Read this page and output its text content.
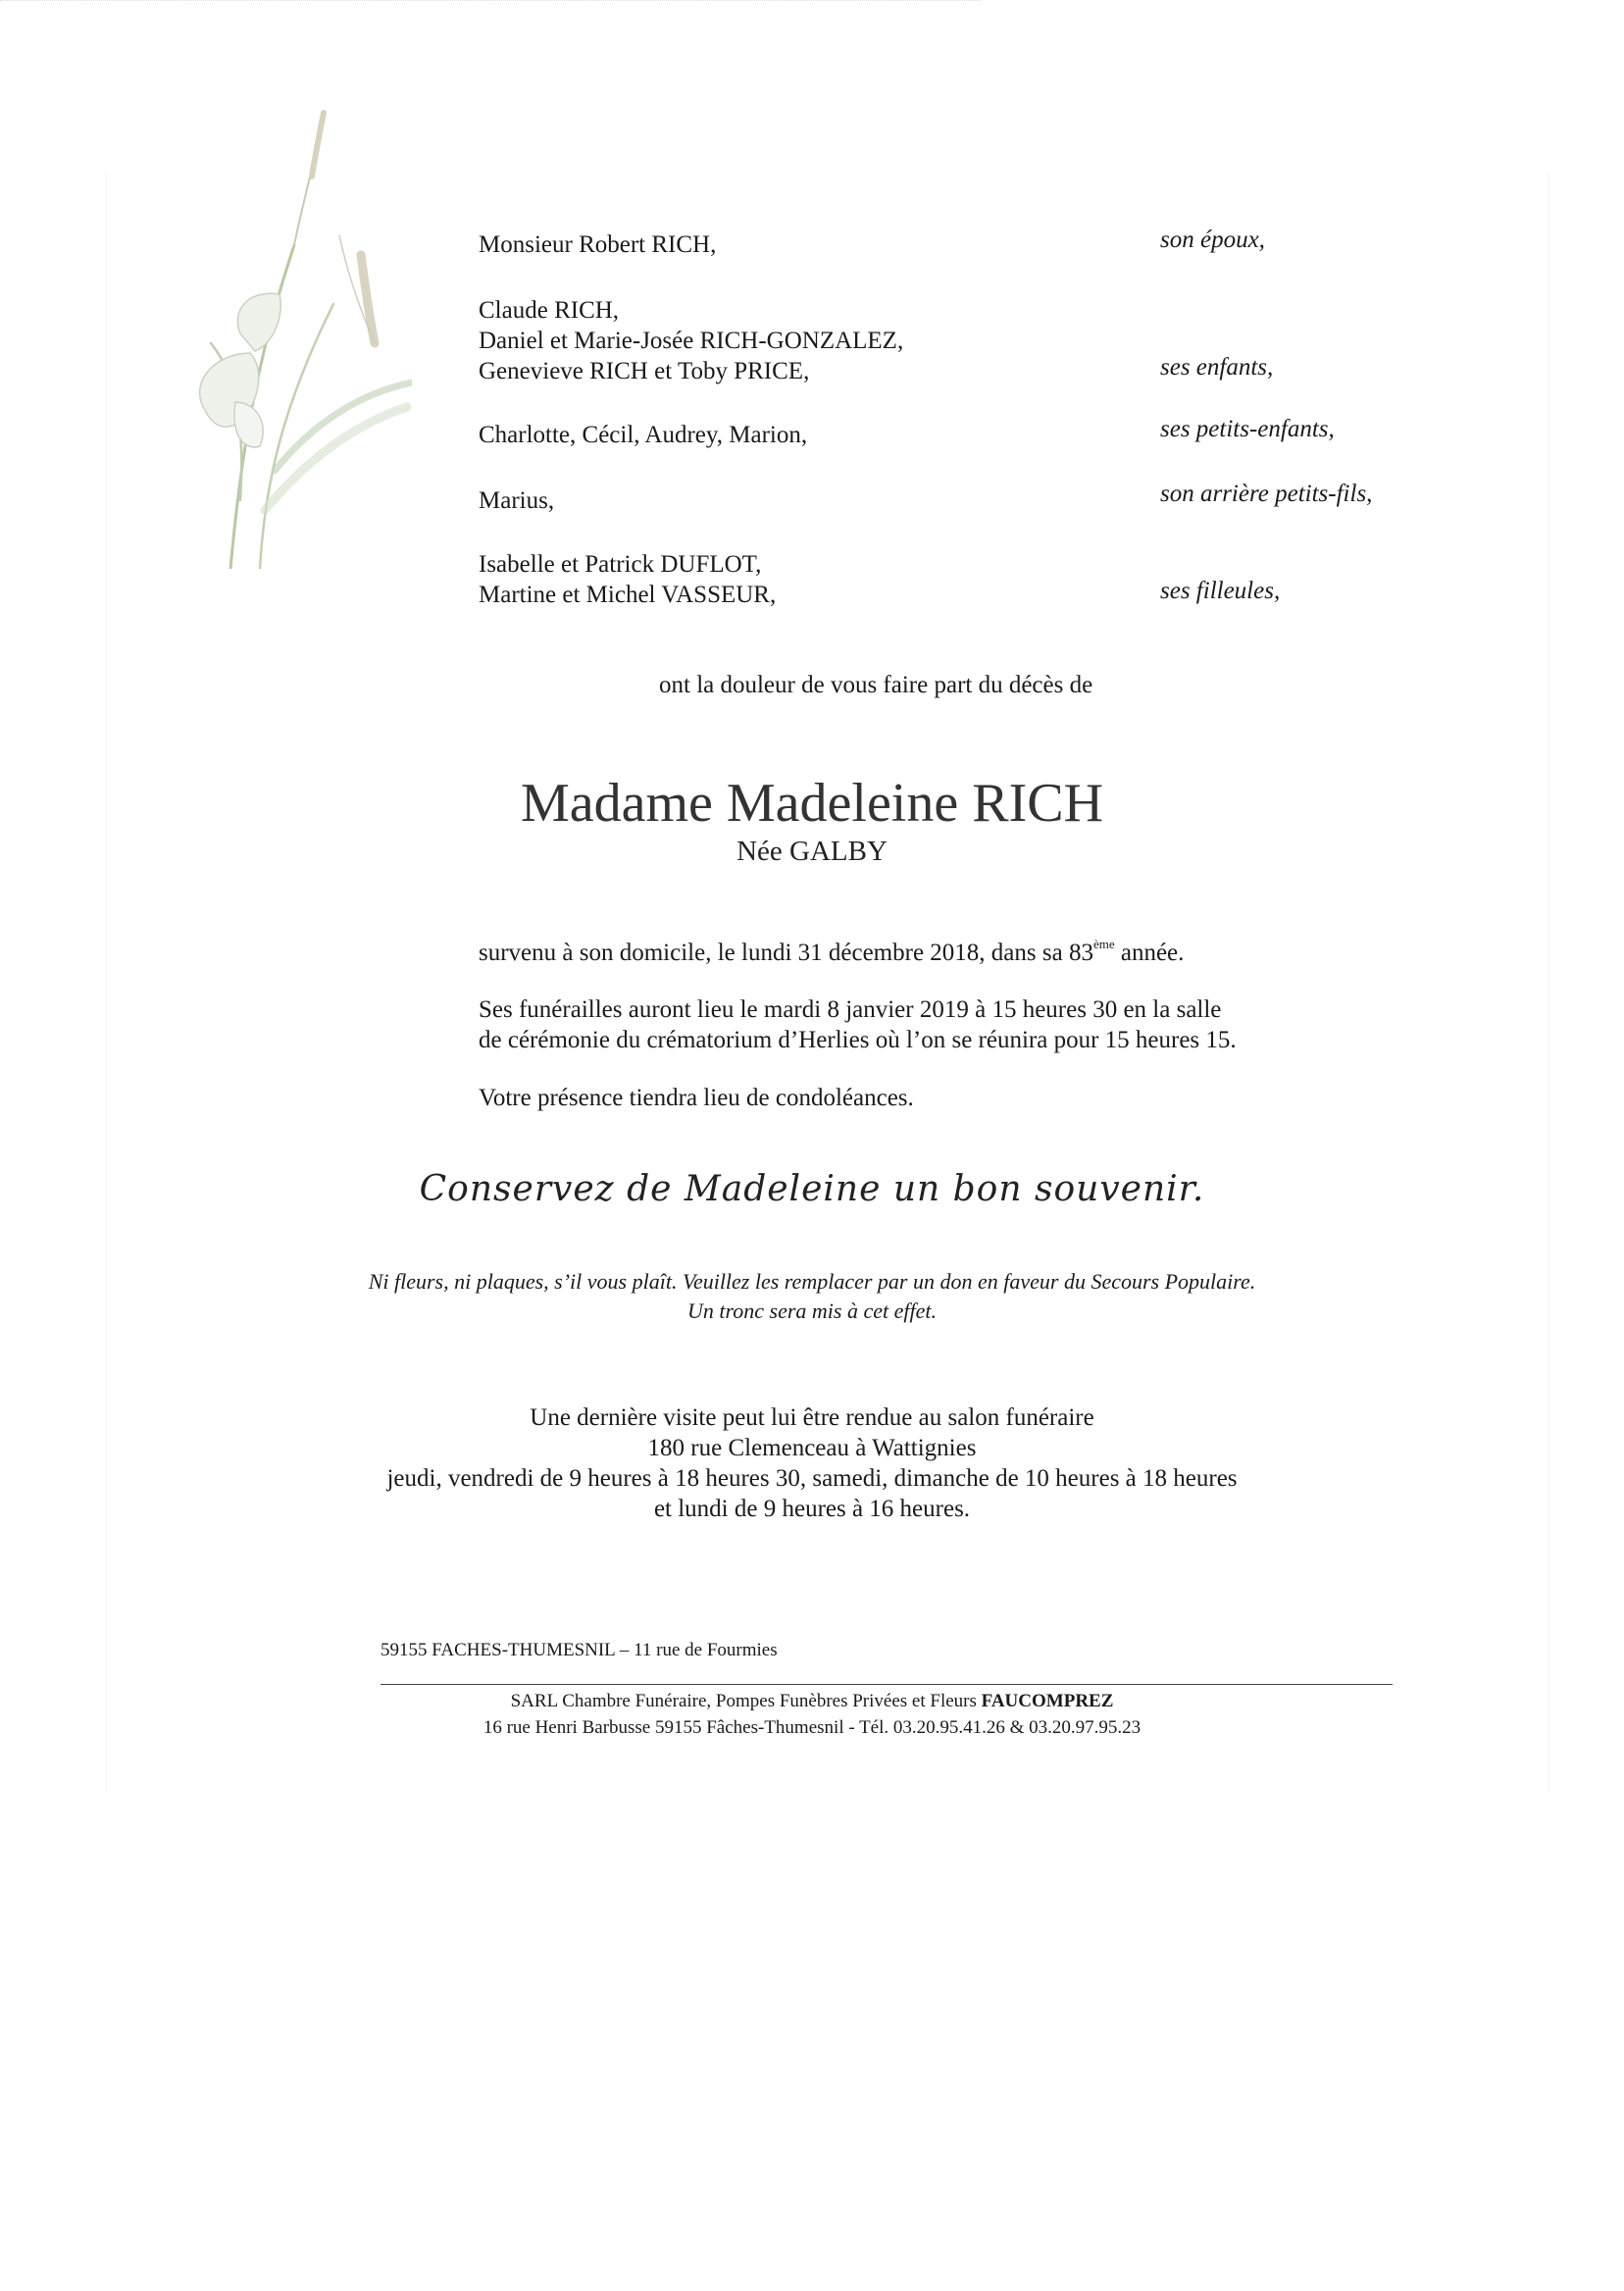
Monsieur Robert RICH,	son époux,
Claude RICH,
Daniel et Marie-Josée RICH-GONZALEZ,
Genevieve RICH et Toby PRICE,	ses enfants,
Charlotte, Cécil, Audrey, Marion,	ses petits-enfants,
Marius,	son arrière petits-fils,
Isabelle et Patrick DUFLOT,
Martine et Michel VASSEUR,	ses filleules,
ont la douleur de vous faire part du décès de
Madame Madeleine RICH
Née GALBY
survenu à son domicile, le lundi 31 décembre 2018, dans sa 83ème année.
Ses funérailles auront lieu le mardi 8 janvier 2019 à 15 heures 30 en la salle
de cérémonie du crématorium d’Herlies où l’on se réunira pour 15 heures 15.
Votre présence tiendra lieu de condoléances.
Conservez de Madeleine un bon souvenir.
Ni fleurs, ni plaques, s’il vous plaît. Veuillez les remplacer par un don en faveur du Secours Populaire.
Un tronc sera mis à cet effet.
Une dernière visite peut lui être rendue au salon funéraire
180 rue Clemenceau à Wattignies
jeudi, vendredi de 9 heures à 18 heures 30, samedi, dimanche de 10 heures à 18 heures
et lundi de 9 heures à 16 heures.
59155 FACHES-THUMESNIL – 11 rue de Fourmies
SARL Chambre Funéraire, Pompes Funèbres Privées et Fleurs FAUCOMPREZ
16 rue Henri Barbusse 59155 Fâches-Thumesnil - Tél. 03.20.95.41.26 & 03.20.97.95.23
